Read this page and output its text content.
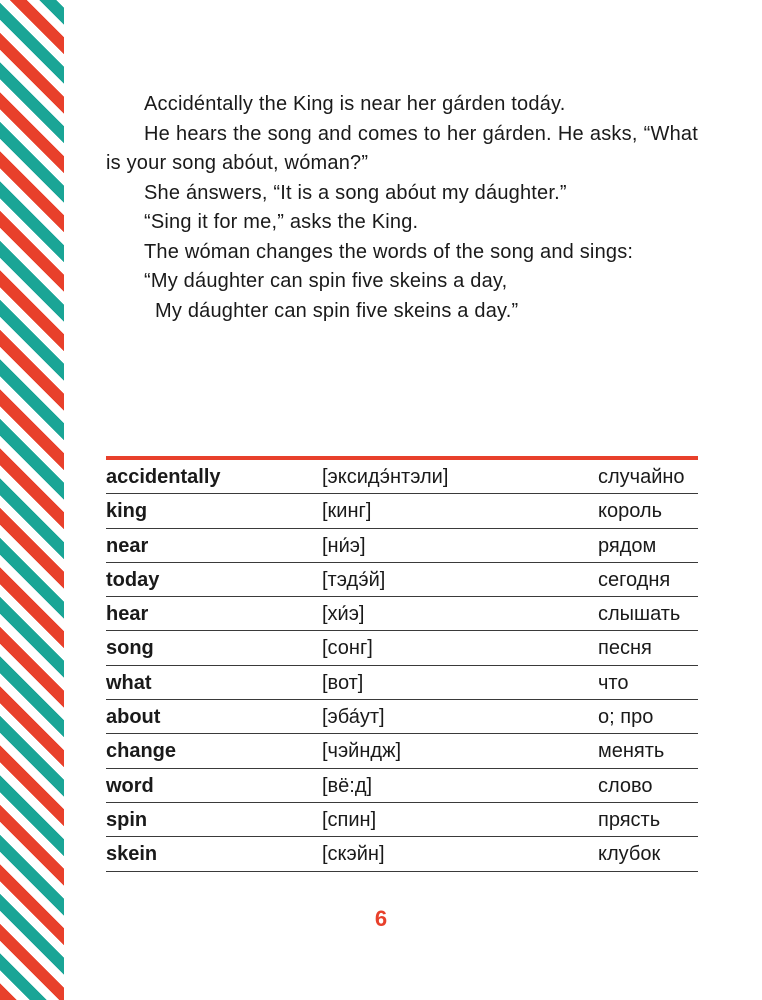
Accidéntally the King is near her gárden todáy.

He hears the song and comes to her gárden. He asks, “What is your song abóut, wóman?”

She ánswers, “It is a song abóut my dáughter.”

“Sing it for me,” asks the King.

The wóman changes the words of the song and sings:

“My dáughter can spin five skeins a day,

My dáughter can spin five skeins a day.”

accidentally	[эксидэ́нтэли]	случайно
king	[кинг]	король
near	[ни́э]	рядом
today	[тэдэ́й]	сегодня
hear	[хи́э]	слышать
song	[сонг]	песня
what	[вот]	что
about	[эба́ут]	о; про
change	[чэйндж]	менять
word	[вё:д]	слово
spin	[спин]	прясть
skein	[скэйн]	клубок
6
